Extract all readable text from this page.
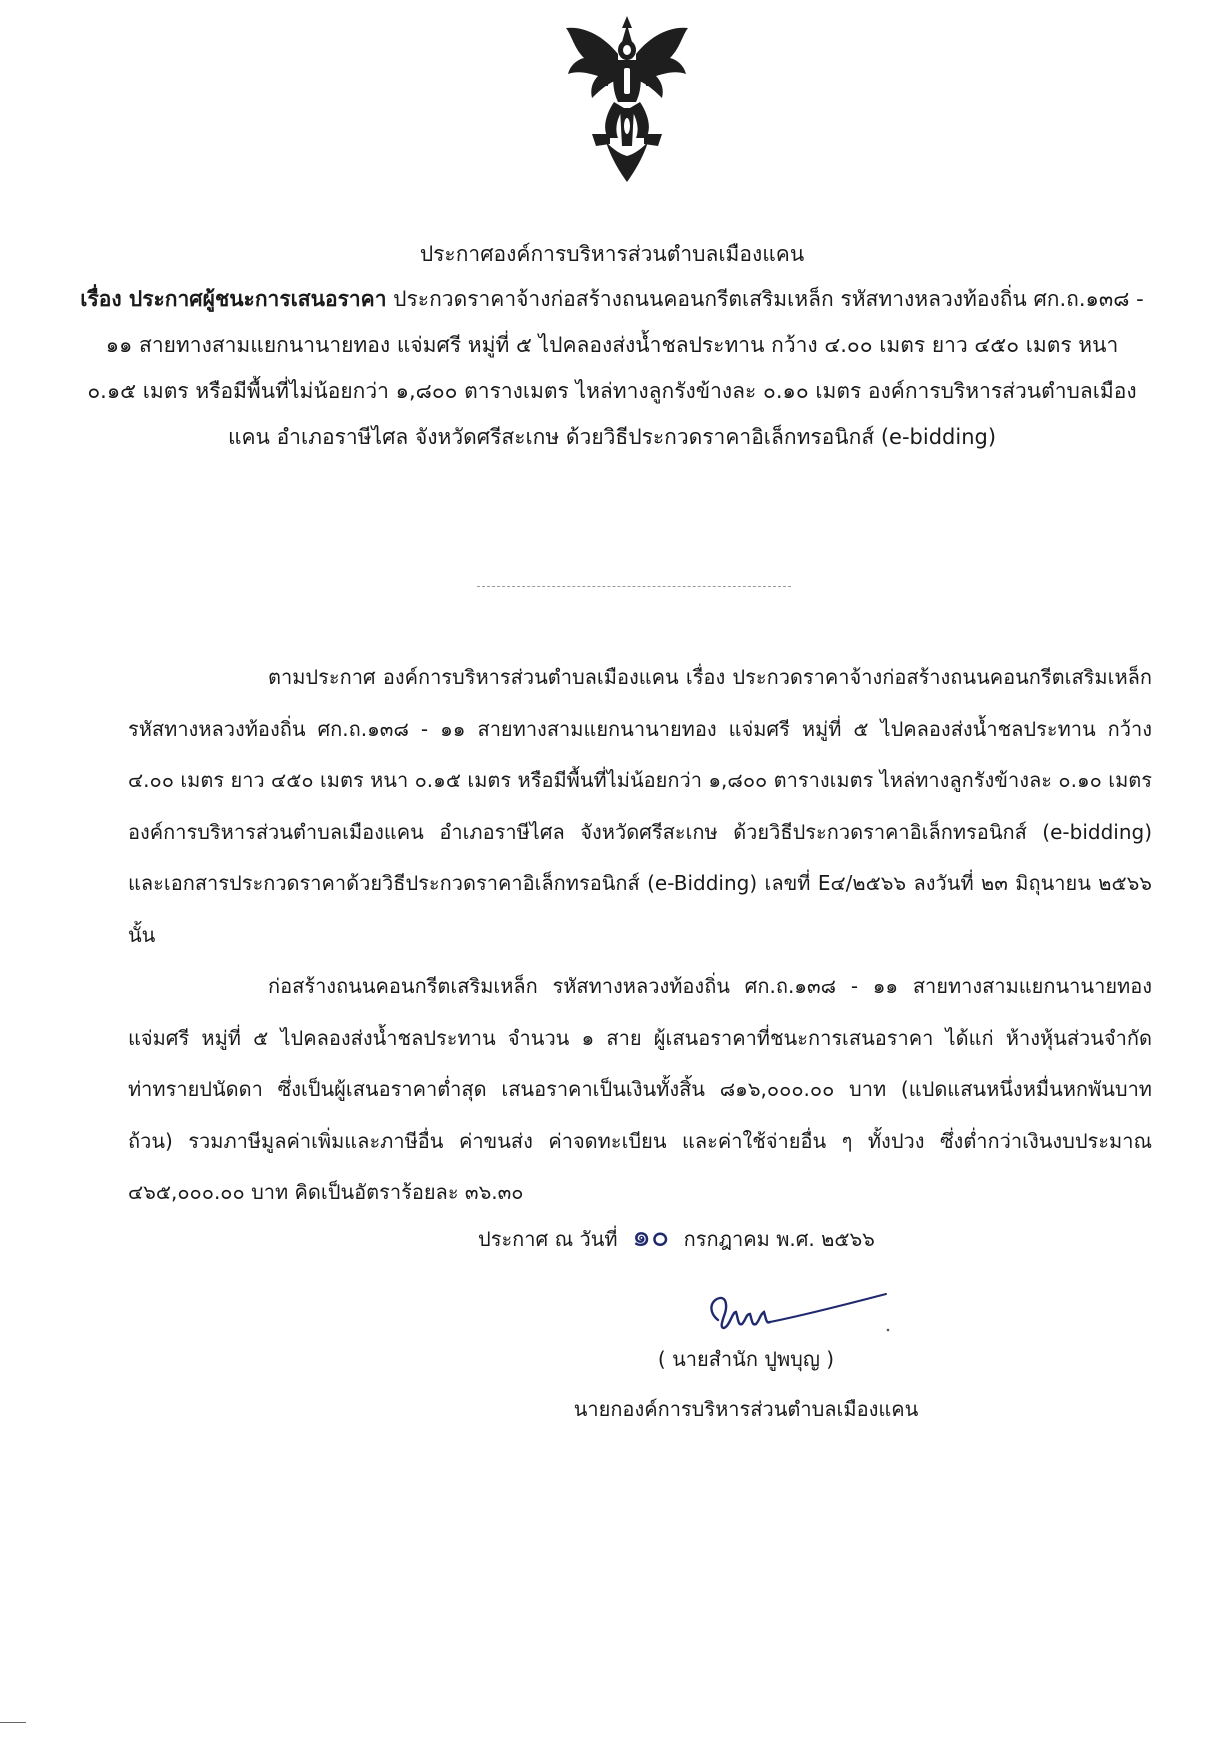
ประกาศองค์การบริหารส่วนตำบลเมืองแคน
เรื่อง ประกาศผู้ชนะการเสนอราคา ประกวดราคาจ้างก่อสร้างถนนคอนกรีตเสริมเหล็ก รหัสทางหลวงท้องถิ่น ศก.ถ.๑๓๘ - ๑๑ สายทางสามแยกนานายทอง แจ่มศรี หมู่ที่ ๕ ไปคลองส่งน้ำชลประทาน กว้าง ๔.๐๐ เมตร ยาว ๔๕๐ เมตร หนา ๐.๑๕ เมตร หรือมีพื้นที่ไม่น้อยกว่า ๑,๘๐๐ ตารางเมตร ไหล่ทางลูกรังข้างละ ๐.๑๐ เมตร องค์การบริหารส่วนตำบลเมืองแคน อำเภอราษีไศล จังหวัดศรีสะเกษ ด้วยวิธีประกวดราคาอิเล็กทรอนิกส์ (e-bidding)

ตามประกาศ องค์การบริหารส่วนตำบลเมืองแคน เรื่อง ประกวดราคาจ้างก่อสร้างถนนคอนกรีตเสริมเหล็ก รหัสทางหลวงท้องถิ่น ศก.ถ.๑๓๘ - ๑๑ สายทางสามแยกนานายทอง แจ่มศรี หมู่ที่ ๕ ไปคลองส่งน้ำชลประทาน กว้าง ๔.๐๐ เมตร ยาว ๔๕๐ เมตร หนา ๐.๑๕ เมตร หรือมีพื้นที่ไม่น้อยกว่า ๑,๘๐๐ ตารางเมตร ไหล่ทางลูกรังข้างละ ๐.๑๐ เมตร องค์การบริหารส่วนตำบลเมืองแคน อำเภอราษีไศล จังหวัดศรีสะเกษ ด้วยวิธีประกวดราคาอิเล็กทรอนิกส์ (e-bidding) และเอกสารประกวดราคาด้วยวิธีประกวดราคาอิเล็กทรอนิกส์ (e-Bidding) เลขที่ E๔/๒๕๖๖ ลงวันที่ ๒๓ มิถุนายน ๒๕๖๖ นั้น

ก่อสร้างถนนคอนกรีตเสริมเหล็ก รหัสทางหลวงท้องถิ่น ศก.ถ.๑๓๘ - ๑๑ สายทางสามแยกนานายทอง แจ่มศรี หมู่ที่ ๕ ไปคลองส่งน้ำชลประทาน จำนวน ๑ สาย ผู้เสนอราคาที่ชนะการเสนอราคา ได้แก่ ห้างหุ้นส่วนจำกัด ท่าทรายปนัดดา ซึ่งเป็นผู้เสนอราคาต่ำสุด เสนอราคาเป็นเงินทั้งสิ้น ๘๑๖,๐๐๐.๐๐ บาท (แปดแสนหนึ่งหมื่นหกพันบาทถ้วน) รวมภาษีมูลค่าเพิ่มและภาษีอื่น ค่าขนส่ง ค่าจดทะเบียน และค่าใช้จ่ายอื่น ๆ ทั้งปวง ซึ่งต่ำกว่าเงินงบประมาณ ๔๖๕,๐๐๐.๐๐ บาท คิดเป็นอัตราร้อยละ ๓๖.๓๐

ประกาศ ณ วันที่ ๑๐ กรกฎาคม พ.ศ. ๒๕๖๖
( นายสำนัก ปูพบุญ )
นายกองค์การบริหารส่วนตำบลเมืองแคน
